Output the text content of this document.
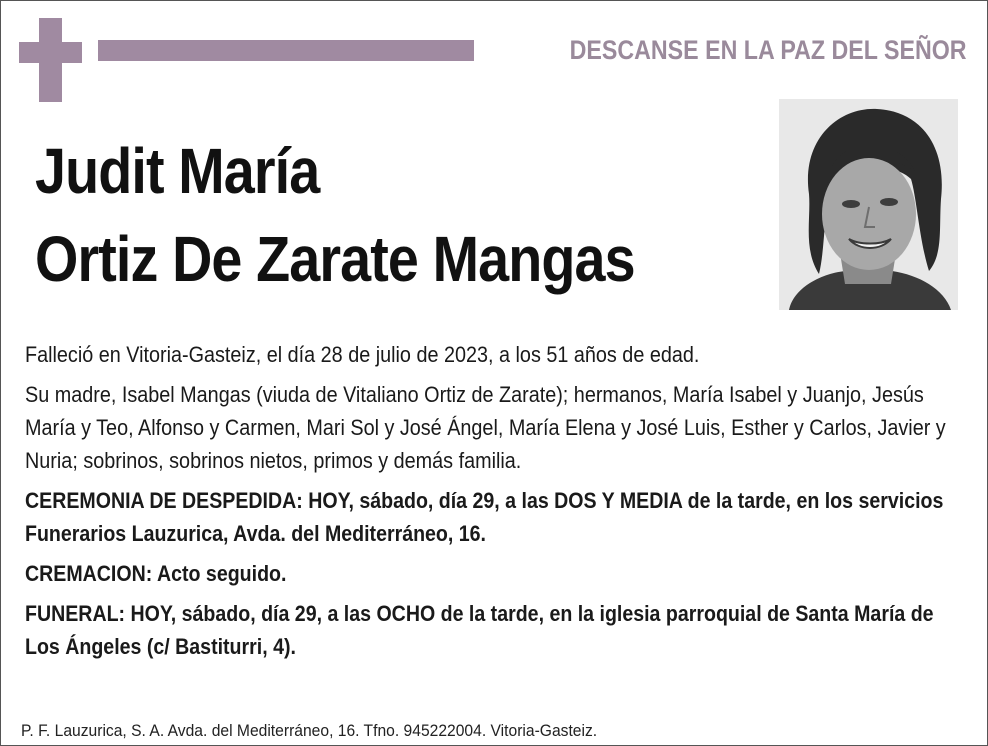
DESCANSE EN LA PAZ DEL SEÑOR
Judit María
Ortiz De Zarate Mangas

Falleció en Vitoria-Gasteiz, el día 28 de julio de 2023, a los 51 años de edad.

Su madre, Isabel Mangas (viuda de Vitaliano Ortiz de Zarate); hermanos, María Isabel y Juanjo, Jesús María y Teo, Alfonso y Carmen, Mari Sol y José Ángel, María Elena y José Luis, Esther y Carlos, Javier y Nuria; sobrinos, sobrinos nietos, primos y demás familia.

CEREMONIA DE DESPEDIDA: HOY, sábado, día 29, a las DOS Y MEDIA de la tarde, en los servicios Funerarios Lauzurica, Avda. del Mediterráneo, 16.

CREMACION: Acto seguido.

FUNERAL: HOY, sábado, día 29, a las OCHO de la tarde, en la iglesia parroquial de Santa María de Los Ángeles (c/ Bastiturri, 4).

P. F. Lauzurica, S. A. Avda. del Mediterráneo, 16. Tfno. 945222004. Vitoria-Gasteiz.
